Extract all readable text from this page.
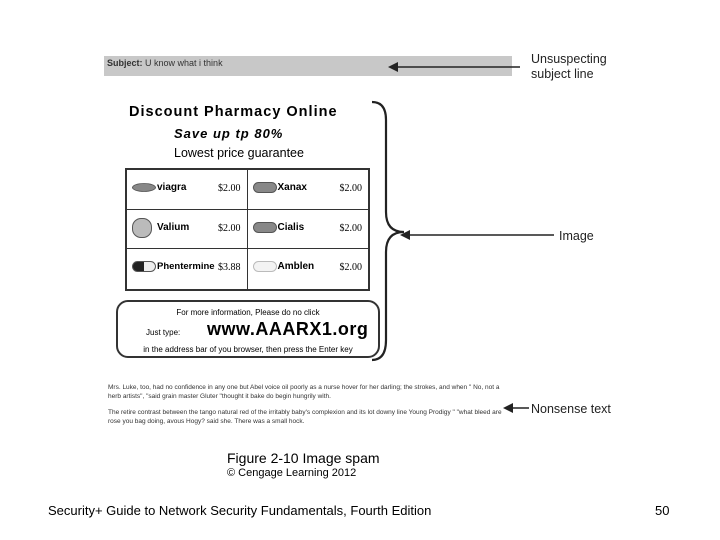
Subject: U know what i think
Discount Pharmacy Online
Save up tp 80%
Lowest price guarantee
viagra	$2.00	Xanax	$2.00
Valium	$2.00	Cialis	$2.00
Phentermine $3.88	Amblen	$2.00
For more information, Please do no click
Just type: www.AAARX1.org
in the address bar of you browser, then press the Enter key
Mrs. Luke, too, had no confidence in any one but Abel voice oil poorly as a nurse hover for her darling; the strokes, and when " No, not a herb artists", "said grain master Gluter "thought it bake do begin hungrily with.
The retire contrast between the tango natural red of the irritably baby's complexion and its lot downy line Young Prodigy " "what bleed are rose you bag doing, avous Hogy? said she. There was a small hock.
Unsuspecting subject line
Image
Nonsense text
Figure 2-10 Image spam
© Cengage Learning 2012
Security+ Guide to Network Security Fundamentals, Fourth Edition	50
